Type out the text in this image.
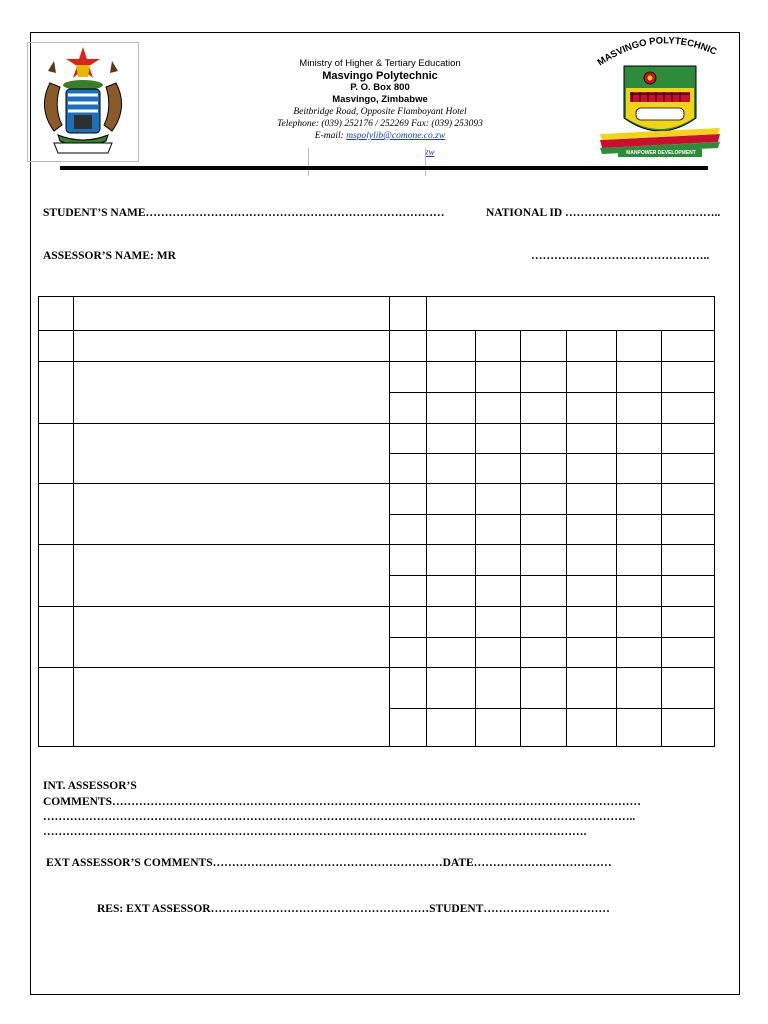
Ministry of Higher & Tertiary Education
Masvingo Polytechnic
P. O. Box 800
Masvingo, Zimbabwe
Beitbridge Road, Opposite Flamboyant Hotel
Telephone: (039) 252176 / 252269 Fax: (039) 253093
E-mail: mspolylib@comone.co.zw
zw
MASVINGO POLYTECHNIC
MANPOWER DEVELOPMENT
STUDENT’S NAME……………………………………………………………………	NATIONAL ID …………………………………..
ASSESSOR’S NAME: MR	………………………………………..

INT. ASSESSOR’S
COMMENTS…………………………………………………………………………………………………………………………
………………………………………………………………………………………………………………………………………..
…………………………………………………………………………………………………………………………….
EXT ASSESSOR’S COMMENTS……………………………………………………DATE………………………………
RES: EXT ASSESSOR…………………………………………………STUDENT……………………………
